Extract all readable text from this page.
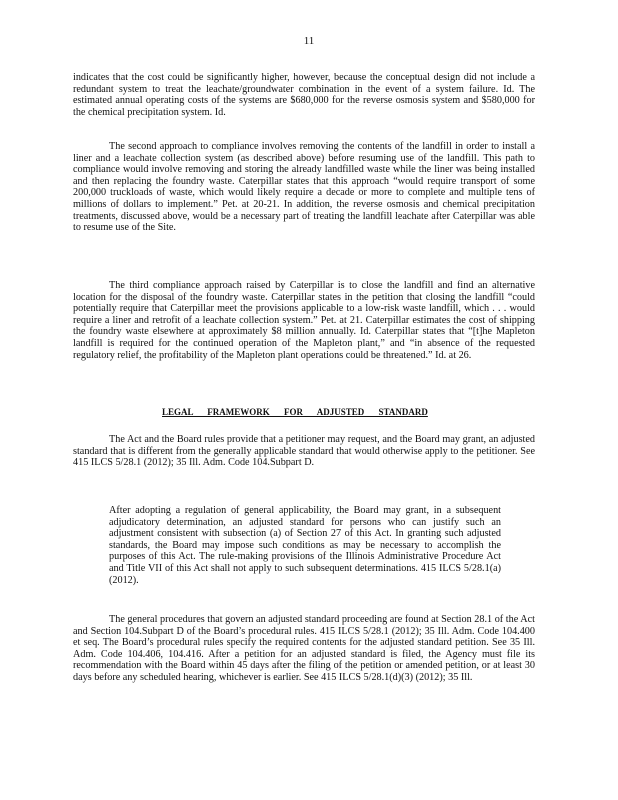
11

indicates that the cost could be significantly higher, however, because the conceptual design did not include a redundant system to treat the leachate/groundwater combination in the event of a system failure. Id. The estimated annual operating costs of the systems are $680,000 for the reverse osmosis system and $580,000 for the chemical precipitation system. Id.

The second approach to compliance involves removing the contents of the landfill in order to install a liner and a leachate collection system (as described above) before resuming use of the landfill. This path to compliance would involve removing and storing the already landfilled waste while the liner was being installed and then replacing the foundry waste. Caterpillar states that this approach “would require transport of some 200,000 truckloads of waste, which would likely require a decade or more to complete and multiple tens of millions of dollars to implement.” Pet. at 20-21. In addition, the reverse osmosis and chemical precipitation treatments, discussed above, would be a necessary part of treating the landfill leachate after Caterpillar was able to resume use of the Site.

The third compliance approach raised by Caterpillar is to close the landfill and find an alternative location for the disposal of the foundry waste. Caterpillar states in the petition that closing the landfill “could potentially require that Caterpillar meet the provisions applicable to a low-risk waste landfill, which . . . would require a liner and retrofit of a leachate collection system.” Pet. at 21. Caterpillar estimates the cost of shipping the foundry waste elsewhere at approximately $8 million annually. Id. Caterpillar states that “[t]he Mapleton landfill is required for the continued operation of the Mapleton plant,” and “in absence of the requested regulatory relief, the profitability of the Mapleton plant operations could be threatened.” Id. at 26.

LEGAL FRAMEWORK FOR ADJUSTED STANDARD

The Act and the Board rules provide that a petitioner may request, and the Board may grant, an adjusted standard that is different from the generally applicable standard that would otherwise apply to the petitioner. See 415 ILCS 5/28.1 (2012); 35 Ill. Adm. Code 104.Subpart D.

After adopting a regulation of general applicability, the Board may grant, in a subsequent adjudicatory determination, an adjusted standard for persons who can justify such an adjustment consistent with subsection (a) of Section 27 of this Act. In granting such adjusted standards, the Board may impose such conditions as may be necessary to accomplish the purposes of this Act. The rule-making provisions of the Illinois Administrative Procedure Act and Title VII of this Act shall not apply to such subsequent determinations. 415 ILCS 5/28.1(a) (2012).

The general procedures that govern an adjusted standard proceeding are found at Section 28.1 of the Act and Section 104.Subpart D of the Board’s procedural rules. 415 ILCS 5/28.1 (2012); 35 Ill. Adm. Code 104.400 et seq. The Board’s procedural rules specify the required contents for the adjusted standard petition. See 35 Ill. Adm. Code 104.406, 104.416. After a petition for an adjusted standard is filed, the Agency must file its recommendation with the Board within 45 days after the filing of the petition or amended petition, or at least 30 days before any scheduled hearing, whichever is earlier. See 415 ILCS 5/28.1(d)(3) (2012); 35 Ill.
